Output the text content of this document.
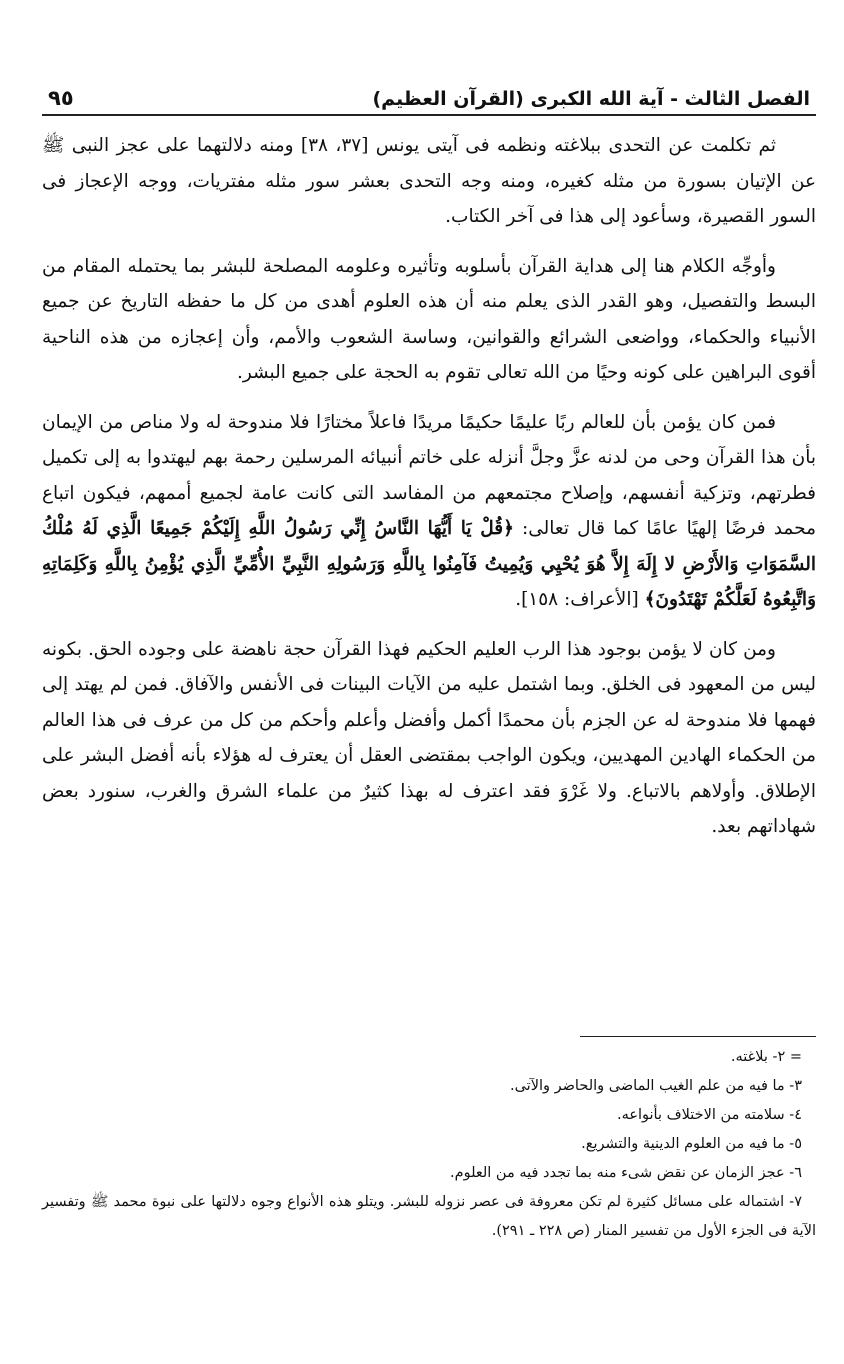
الفصل الثالث - آية الله الكبرى (القرآن العظيم)
٩٥

ثم تكلمت عن التحدى ببلاغته ونظمه فى آيتى يونس [٣٧، ٣٨] ومنه دلالتهما على عجز النبى ﷺ عن الإتيان بسورة من مثله كغيره، ومنه وجه التحدى بعشر سور مثله مفتريات، ووجه الإعجاز فى السور القصيرة، وسأعود إلى هذا فى آخر الكتاب.

وأوجِّه الكلام هنا إلى هداية القرآن بأسلوبه وتأثيره وعلومه المصلحة للبشر بما يحتمله المقام من البسط والتفصيل، وهو القدر الذى يعلم منه أن هذه العلوم أهدى من كل ما حفظه التاريخ عن جميع الأنبياء والحكماء، وواضعى الشرائع والقوانين، وساسة الشعوب والأمم، وأن إعجازه من هذه الناحية أقوى البراهين على كونه وحيًا من الله تعالى تقوم به الحجة على جميع البشر.

فمن كان يؤمن بأن للعالم ربًا عليمًا حكيمًا مريدًا فاعلاً مختارًا فلا مندوحة له ولا مناص من الإيمان بأن هذا القرآن وحى من لدنه عزَّ وجلَّ أنزله على خاتم أنبيائه المرسلين رحمة بهم ليهتدوا به إلى تكميل فطرتهم، وتزكية أنفسهم، وإصلاح مجتمعهم من المفاسد التى كانت عامة لجميع أممهم، فيكون اتباع محمد فرضًا إلهيًا عامًا كما قال تعالى: ﴿قُلْ يَا أَيُّهَا النَّاسُ إِنِّي رَسُولُ اللَّهِ إِلَيْكُمْ جَمِيعًا الَّذِي لَهُ مُلْكُ السَّمَوَاتِ وَالأَرْضِ لا إِلَهَ إِلاَّ هُوَ يُحْيِي وَيُمِيتُ فَآمِنُوا بِاللَّهِ وَرَسُولِهِ النَّبِيِّ الأُمِّيِّ الَّذِي يُؤْمِنُ بِاللَّهِ وَكَلِمَاتِهِ وَاتَّبِعُوهُ لَعَلَّكُمْ تَهْتَدُونَ﴾ [الأعراف: ١٥٨].

ومن كان لا يؤمن بوجود هذا الرب العليم الحكيم فهذا القرآن حجة ناهضة على وجوده الحق. بكونه ليس من المعهود فى الخلق. وبما اشتمل عليه من الآيات البينات فى الأنفس والآفاق. فمن لم يهتد إلى فهمها فلا مندوحة له عن الجزم بأن محمدًا أكمل وأفضل وأعلم وأحكم من كل من عرف فى هذا العالم من الحكماء الهادين المهديين، ويكون الواجب بمقتضى العقل أن يعترف له هؤلاء بأنه أفضل البشر على الإطلاق. وأولاهم بالاتباع. ولا غَرْوَ فقد اعترف له بهذا كثيرٌ من علماء الشرق والغرب، سنورد بعض شهاداتهم بعد.

= ٢- بلاغته.
٣- ما فيه من علم الغيب الماضى والحاضر والآتى.
٤- سلامته من الاختلاف بأنواعه.
٥- ما فيه من العلوم الدينية والتشريع.
٦- عجز الزمان عن نقض شىء منه بما تجدد فيه من العلوم.
٧- اشتماله على مسائل كثيرة لم تكن معروفة فى عصر نزوله للبشر. ويتلو هذه الأنواع وجوه دلالتها على نبوة محمد ﷺ وتفسير الآية فى الجزء الأول من تفسير المنار (ص ٢٢٨ ـ ٢٩١).
